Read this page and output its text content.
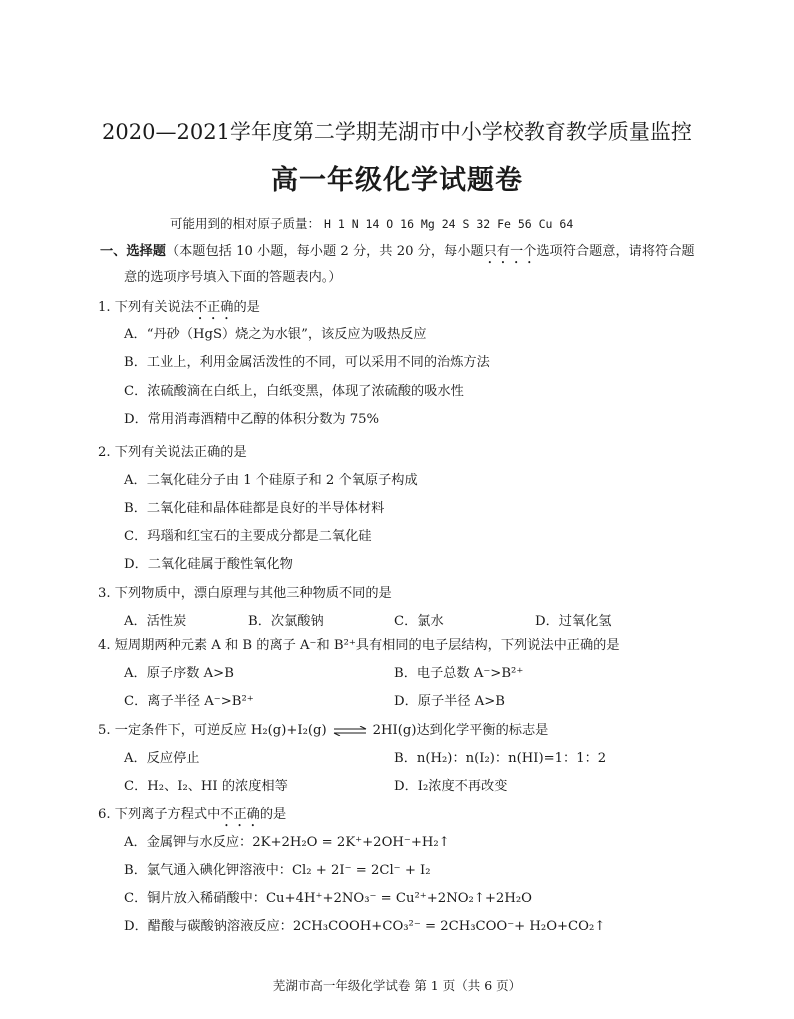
2020—2021学年度第二学期芜湖市中小学校教育教学质量监控
高一年级化学试题卷
可能用到的相对原子质量： H 1 N 14 O 16 Mg 24 S 32 Fe 56 Cu 64
一、选择题（本题包括 10 小题，每小题 2 分，共 20 分，每小题只有一个选项符合题意，请将符合题
意的选项序号填入下面的答题表内。）
1. 下列有关说法不正确的是
A．“丹砂（HgS）烧之为水银”，该反应为吸热反应
B．工业上，利用金属活泼性的不同，可以采用不同的治炼方法
C．浓硫酸滴在白纸上，白纸变黑，体现了浓硫酸的吸水性
D．常用消毒酒精中乙醇的体积分数为 75%
2. 下列有关说法正确的是
A．二氧化硅分子由 1 个硅原子和 2 个氧原子构成
B．二氧化硅和晶体硅都是良好的半导体材料
C．玛瑙和红宝石的主要成分都是二氧化硅
D．二氧化硅属于酸性氧化物
3. 下列物质中，漂白原理与其他三种物质不同的是
A．活性炭	B．次氯酸钠	C．氯水	D．过氧化氢
4. 短周期两种元素 A 和 B 的离子 A⁻和 B²⁺具有相同的电子层结构，下列说法中正确的是
A．原子序数 A>B	B．电子总数 A⁻>B²⁺
C．离子半径 A⁻>B²⁺	D．原子半径 A>B
5. 一定条件下，可逆反应 H₂(g)+I₂(g) ⇌ 2HI(g)达到化学平衡的标志是
A．反应停止	B．n(H₂)：n(I₂)：n(HI)=1：1：2
C．H₂、I₂、HI 的浓度相等	D．I₂浓度不再改变
6. 下列离子方程式中不正确的是
A．金属钾与水反应：2K+2H₂O = 2K⁺+2OH⁻+H₂↑
B．氯气通入碘化钾溶液中：Cl₂ + 2I⁻ = 2Cl⁻ + I₂
C．铜片放入稀硝酸中：Cu+4H⁺+2NO₃⁻ = Cu²⁺+2NO₂↑+2H₂O
D．醋酸与碳酸钠溶液反应：2CH₃COOH+CO₃²⁻ = 2CH₃COO⁻+ H₂O+CO₂↑
芜湖市高一年级化学试卷 第 1 页（共 6 页）
